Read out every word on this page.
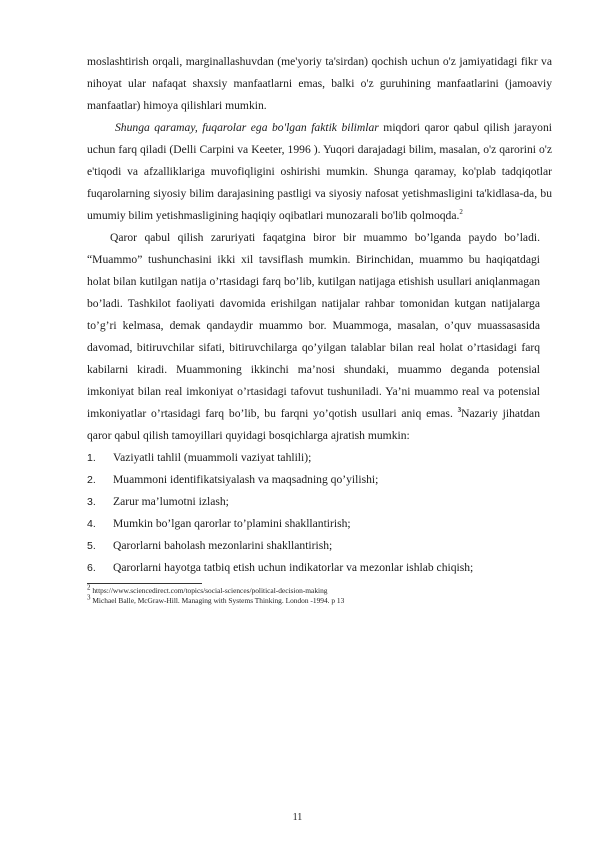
moslashtirish orqali, marginallashuvdan (me'yoriy ta'sirdan) qochish uchun o'z jamiyatidagi fikr va nihoyat ular nafaqat shaxsiy manfaatlarni emas, balki o'z guruhining manfaatlarini (jamoaviy manfaatlar) himoya qilishlari mumkin.

Shunga qaramay, fuqarolar ega bo'lgan faktik bilimlar miqdori qaror qabul qilish jarayoni uchun farq qiladi (Delli Carpini va Keeter, 1996 ). Yuqori darajadagi bilim, masalan, o'z qarorini o'z e'tiqodi va afzalliklariga muvofiqligini oshirishi mumkin. Shunga qaramay, ko'plab tadqiqotlar fuqarolarning siyosiy bilim darajasining pastligi va siyosiy nafosat yetishmasligini ta'kidlasa-da, bu umumiy bilim yetishmasligining haqiqiy oqibatlari munozarali bo'lib qolmoqda.$^2$

Qaror qabul qilish zaruriyati faqatgina biror bir muammo bo’lganda paydo bo’ladi. “Muammo” tushunchasini ikki xil tavsiflash mumkin. Birinchidan, muammo bu haqiqatdagi holat bilan kutilgan natija o’rtasidagi farq bo’lib, kutilgan natijaga etishish usullari aniqlanmagan bo’ladi. Tashkilot faoliyati davomida erishilgan natijalar rahbar tomonidan kutgan natijalarga to’g’ri kelmasa, demak qandaydir muammo bor. Muammoga, masalan, o’quv muassasasida davomad, bitiruvchilar sifati, bitiruvchilarga qo’yilgan talablar bilan real holat o’rtasidagi farq kabilarni kiradi. Muammoning ikkinchi ma’nosi shundaki, muammo deganda potensial imkoniyat bilan real imkoniyat o’rtasidagi tafovut tushuniladi. Ya’ni muammo real va potensial imkoniyatlar o’rtasidagi farq bo’lib, bu farqni yo’qotish usullari aniq emas. $^3$Nazariy jihatdan qaror qabul qilish tamoyillari quyidagi bosqichlarga ajratish mumkin:

1. Vaziyatli tahlil (muammoli vaziyat tahlili);
2. Muammoni identifikatsiyalash va maqsadning qo’yilishi;
3. Zarur ma’lumotni izlash;
4. Mumkin bo’lgan qarorlar to’plamini shakllantirish;
5. Qarorlarni baholash mezonlarini shakllantirish;
6. Qarorlarni hayotga tatbiq etish uchun indikatorlar va mezonlar ishlab chiqish;

$^2$ https://www.sciencedirect.com/topics/social-sciences/political-decision-making

$^3$ Michael Balle, McGraw-Hill. Managing with Systems Thinking. London -1994. p 13

11
